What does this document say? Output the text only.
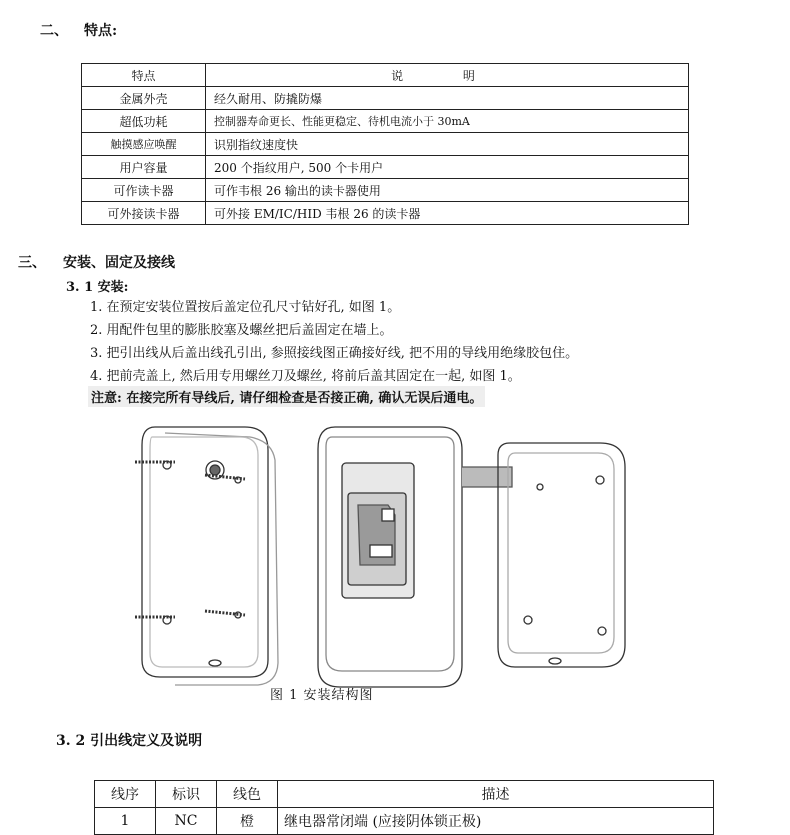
二、 特点:
特点	说 明
金属外壳	经久耐用、防撬防爆
超低功耗	控制器寿命更长、性能更稳定、待机电流小于 30mA
触摸感应唤醒	识别指纹速度快
用户容量	200 个指纹用户, 500 个卡用户
可作读卡器	可作韦根 26 输出的读卡器使用
可外接读卡器	可外接 EM/IC/HID 韦根 26 的读卡器
三、 安装、固定及接线
3. 1 安装:
1. 在预定安装位置按后盖定位孔尺寸钻好孔, 如图 1。
2. 用配件包里的膨胀胶塞及螺丝把后盖固定在墙上。
3. 把引出线从后盖出线孔引出, 参照接线图正确接好线, 把不用的导线用绝缘胶包住。
4. 把前壳盖上, 然后用专用螺丝刀及螺丝, 将前后盖其固定在一起, 如图 1。
注意: 在接完所有导线后, 请仔细检查是否接正确, 确认无误后通电。
图 1 安装结构图
3. 2 引出线定义及说明
线序	标识	线色	描述
1	NC	橙	继电器常闭端 (应接阴体锁正极)
